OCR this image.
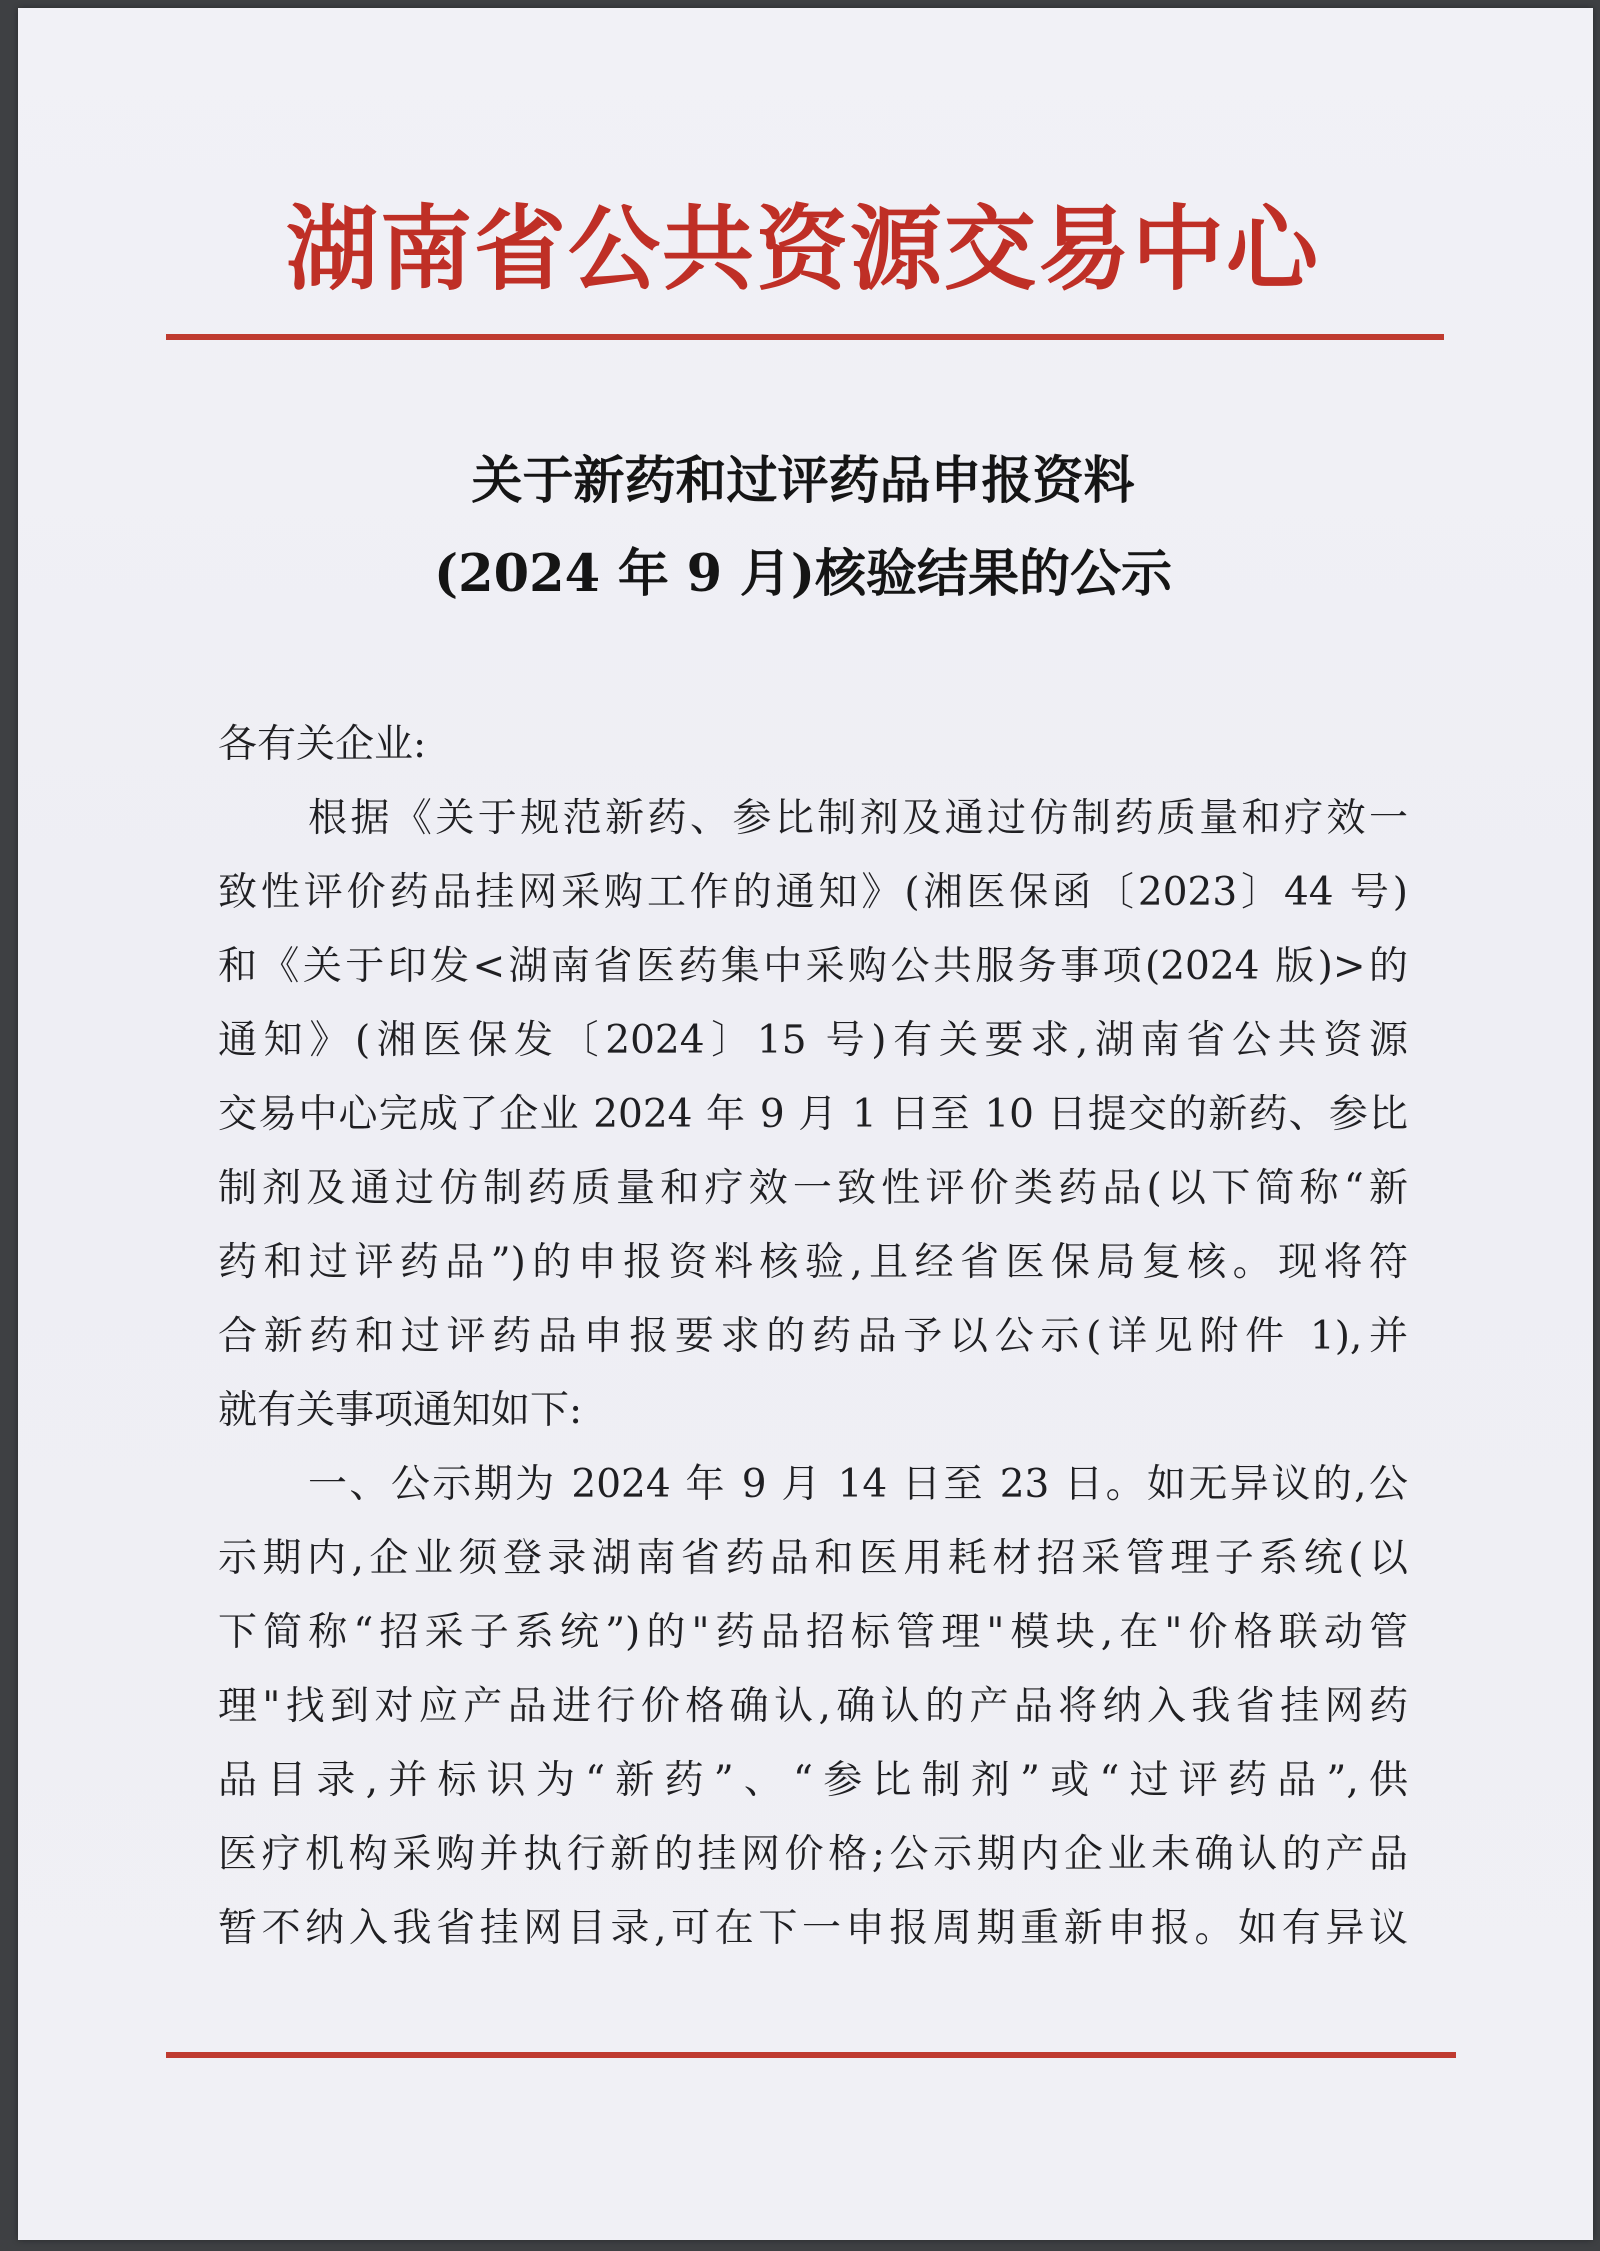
湖南省公共资源交易中心
关于新药和过评药品申报资料
(2024 年 9 月)核验结果的公示
各有关企业:
根据《关于规范新药、参比制剂及通过仿制药质量和疗效一
致性评价药品挂网采购工作的通知》(湘医保函〔2023〕44 号)
和《关于印发<湖南省医药集中采购公共服务事项(2024 版)>的
通知》(湘医保发〔2024〕15 号)有关要求,湖南省公共资源
交易中心完成了企业 2024 年 9 月 1 日至 10 日提交的新药、参比
制剂及通过仿制药质量和疗效一致性评价类药品(以下简称“新
药和过评药品”)的申报资料核验,且经省医保局复核。现将符
合新药和过评药品申报要求的药品予以公示(详见附件 1),并
就有关事项通知如下:
一、公示期为 2024 年 9 月 14 日至 23 日。如无异议的,公
示期内,企业须登录湖南省药品和医用耗材招采管理子系统(以
下简称“招采子系统”)的"药品招标管理"模块,在"价格联动管
理"找到对应产品进行价格确认,确认的产品将纳入我省挂网药
品目录,并标识为“新药”、“参比制剂”或“过评药品”,供
医疗机构采购并执行新的挂网价格;公示期内企业未确认的产品
暂不纳入我省挂网目录,可在下一申报周期重新申报。如有异议
